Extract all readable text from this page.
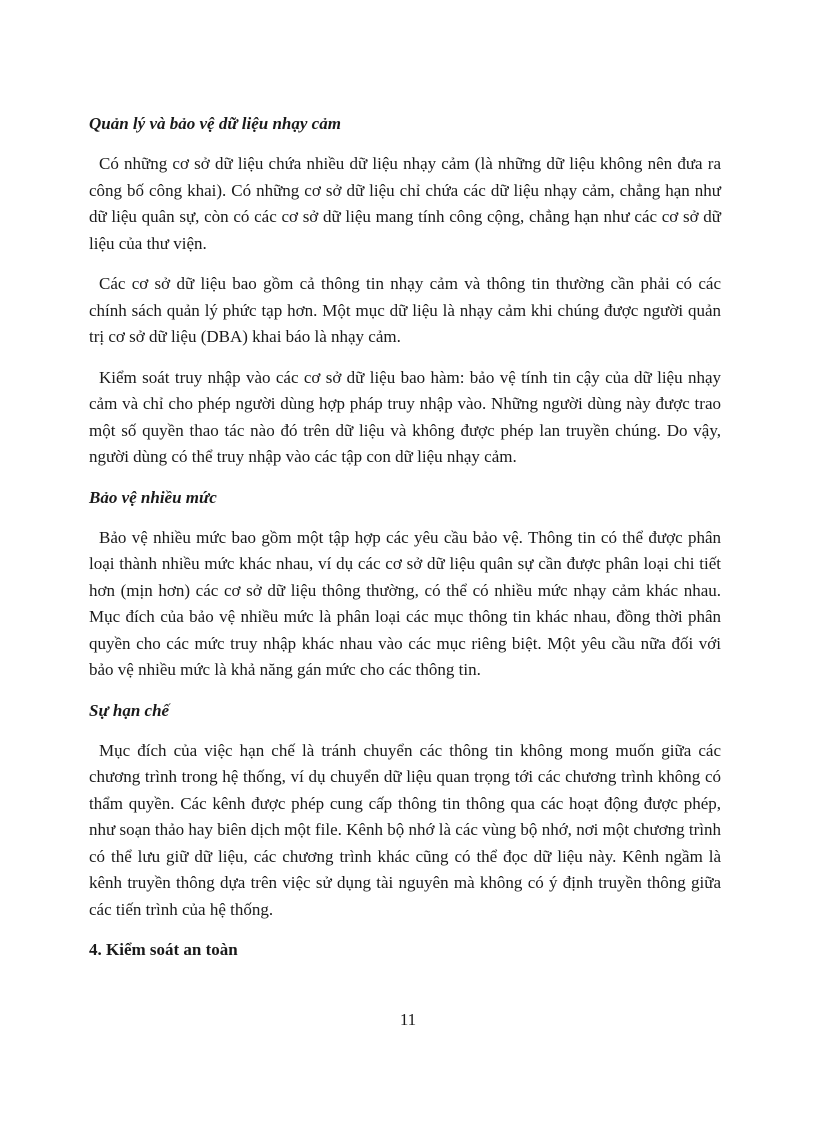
Quản lý và bảo vệ dữ liệu nhạy cảm

Có những cơ sở dữ liệu chứa nhiều dữ liệu nhạy cảm (là những dữ liệu không nên đưa ra công bố công khai). Có những cơ sở dữ liệu chỉ chứa các dữ liệu nhạy cảm, chẳng hạn như dữ liệu quân sự, còn có các cơ sở dữ liệu mang tính công cộng, chẳng hạn như các cơ sở dữ liệu của thư viện.

Các cơ sở dữ liệu bao gồm cả thông tin nhạy cảm và thông tin thường cần phải có các chính sách quản lý phức tạp hơn. Một mục dữ liệu là nhạy cảm khi chúng được người quản trị cơ sở dữ liệu (DBA) khai báo là nhạy cảm.

Kiểm soát truy nhập vào các cơ sở dữ liệu bao hàm: bảo vệ tính tin cậy của dữ liệu nhạy cảm và chỉ cho phép người dùng hợp pháp truy nhập vào. Những người dùng này được trao một số quyền thao tác nào đó trên dữ liệu và không được phép lan truyền chúng. Do vậy, người dùng có thể truy nhập vào các tập con dữ liệu nhạy cảm.

Bảo vệ nhiều mức

Bảo vệ nhiều mức bao gồm một tập hợp các yêu cầu bảo vệ. Thông tin có thể được phân loại thành nhiều mức khác nhau, ví dụ các cơ sở dữ liệu quân sự cần được phân loại chi tiết hơn (mịn hơn) các cơ sở dữ liệu thông thường, có thể có nhiều mức nhạy cảm khác nhau. Mục đích của bảo vệ nhiều mức là phân loại các mục thông tin khác nhau, đồng thời phân quyền cho các mức truy nhập khác nhau vào các mục riêng biệt. Một yêu cầu nữa đối với bảo vệ nhiều mức là khả năng gán mức cho các thông tin.

Sự hạn chế

Mục đích của việc hạn chế là tránh chuyển các thông tin không mong muốn giữa các chương trình trong hệ thống, ví dụ chuyển dữ liệu quan trọng tới các chương trình không có thẩm quyền. Các kênh được phép cung cấp thông tin thông qua các hoạt động được phép, như soạn thảo hay biên dịch một file. Kênh bộ nhớ là các vùng bộ nhớ, nơi một chương trình có thể lưu giữ dữ liệu, các chương trình khác cũng có thể đọc dữ liệu này. Kênh ngầm là kênh truyền thông dựa trên việc sử dụng tài nguyên mà không có ý định truyền thông giữa các tiến trình của hệ thống.

4. Kiểm soát an toàn

11
